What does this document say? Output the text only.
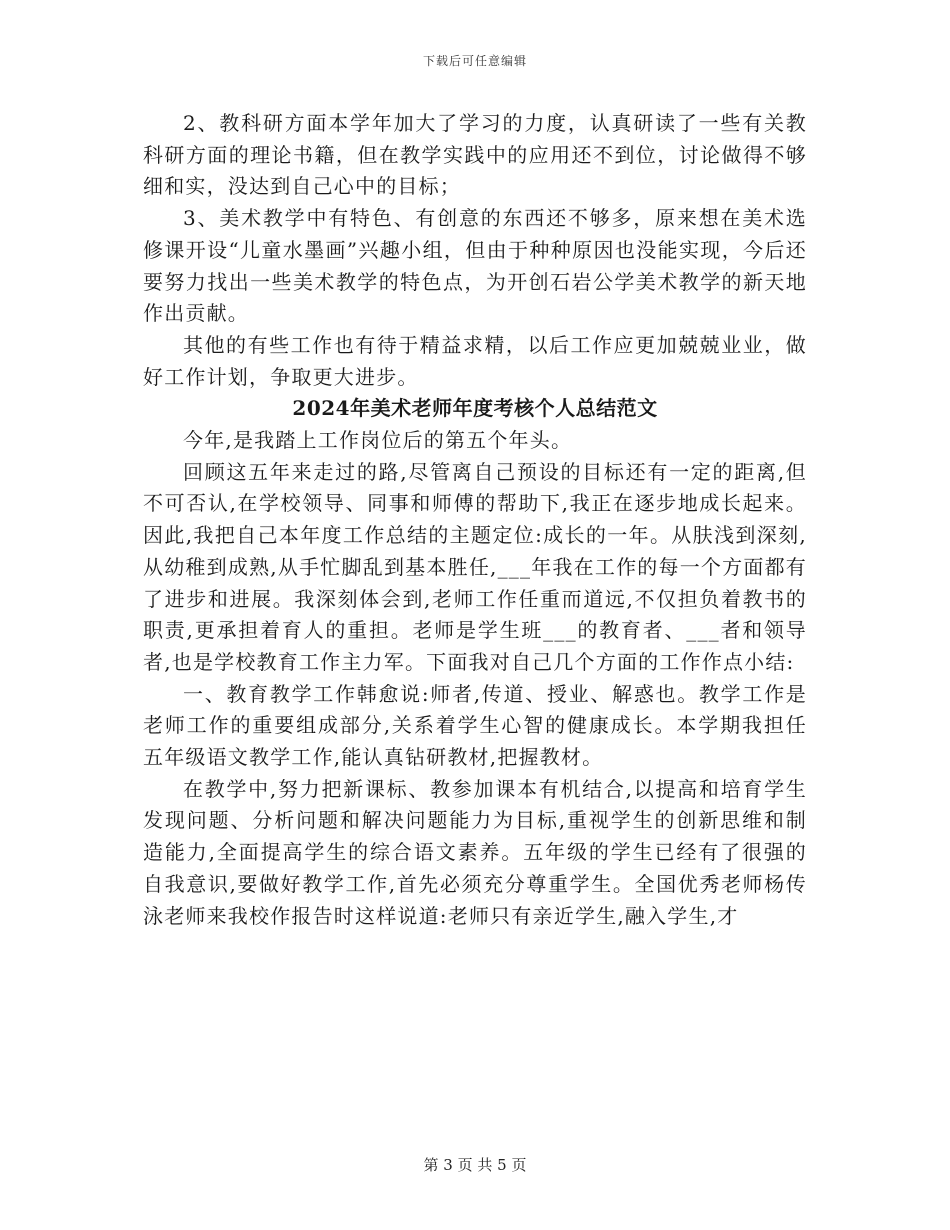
下载后可任意编辑

2、教科研方面本学年加大了学习的力度，认真研读了一些有关教科研方面的理论书籍，但在教学实践中的应用还不到位，讨论做得不够细和实，没达到自己心中的目标；

3、美术教学中有特色、有创意的东西还不够多，原来想在美术选修课开设“儿童水墨画”兴趣小组，但由于种种原因也没能实现，今后还要努力找出一些美术教学的特色点，为开创石岩公学美术教学的新天地作出贡献。

其他的有些工作也有待于精益求精，以后工作应更加兢兢业业，做好工作计划，争取更大进步。

2024年美术老师年度考核个人总结范文

今年,是我踏上工作岗位后的第五个年头。

回顾这五年来走过的路,尽管离自己预设的目标还有一定的距离,但不可否认,在学校领导、同事和师傅的帮助下,我正在逐步地成长起来。因此,我把自己本年度工作总结的主题定位:成长的一年。从肤浅到深刻,从幼稚到成熟,从手忙脚乱到基本胜任,___年我在工作的每一个方面都有了进步和进展。我深刻体会到,老师工作任重而道远,不仅担负着教书的职责,更承担着育人的重担。老师是学生班___的教育者、___者和领导者,也是学校教育工作主力军。下面我对自己几个方面的工作作点小结:

一、教育教学工作韩愈说:师者,传道、授业、解惑也。教学工作是老师工作的重要组成部分,关系着学生心智的健康成长。本学期我担任五年级语文教学工作,能认真钻研教材,把握教材。

在教学中,努力把新课标、教参加课本有机结合,以提高和培育学生发现问题、分析问题和解决问题能力为目标,重视学生的创新思维和制造能力,全面提高学生的综合语文素养。五年级的学生已经有了很强的自我意识,要做好教学工作,首先必须充分尊重学生。全国优秀老师杨传泳老师来我校作报告时这样说道:老师只有亲近学生,融入学生,才

第 3 页 共 5 页
